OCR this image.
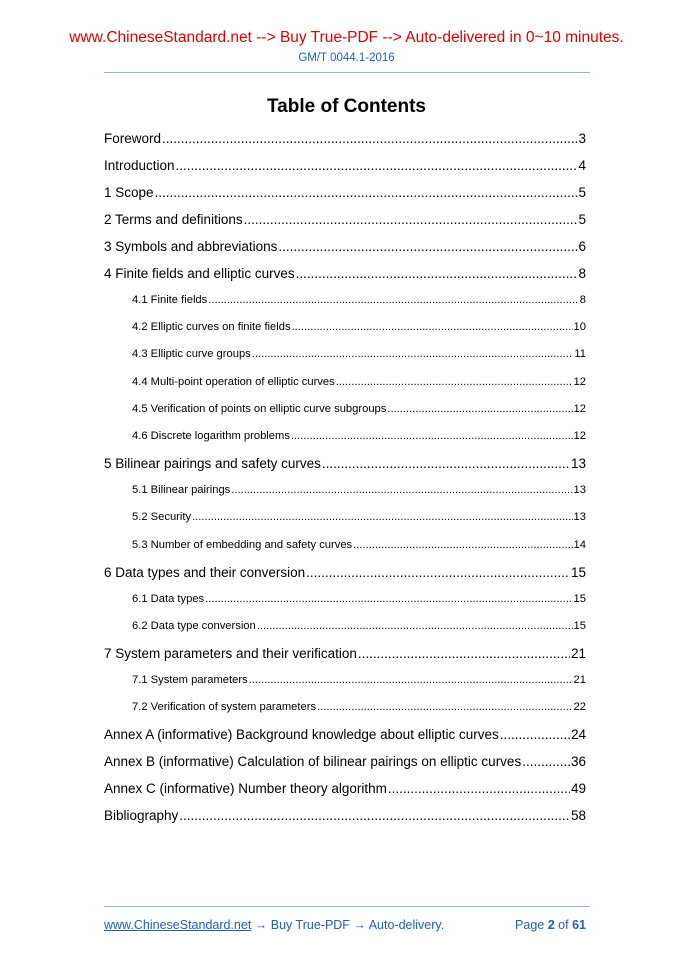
www.ChineseStandard.net --> Buy True-PDF --> Auto-delivered in 0~10 minutes.
GM/T 0044.1-2016
Table of Contents
Foreword .....	3
Introduction .....	4
1 Scope .....	5
2 Terms and definitions .....	5
3 Symbols and abbreviations .....	6
4 Finite fields and elliptic curves .....	8
4.1 Finite fields .....	8
4.2 Elliptic curves on finite fields .....	10
4.3 Elliptic curve groups .....	11
4.4 Multi-point operation of elliptic curves .....	12
4.5 Verification of points on elliptic curve subgroups .....	12
4.6 Discrete logarithm problems .....	12
5 Bilinear pairings and safety curves .....	13
5.1 Bilinear pairings .....	13
5.2 Security .....	13
5.3 Number of embedding and safety curves .....	14
6 Data types and their conversion .....	15
6.1 Data types .....	15
6.2 Data type conversion .....	15
7 System parameters and their verification .....	21
7.1 System parameters .....	21
7.2 Verification of system parameters .....	22
Annex A (informative) Background knowledge about elliptic curves .....	24
Annex B (informative) Calculation of bilinear pairings on elliptic curves .....	36
Annex C (informative) Number theory algorithm .....	49
Bibliography .....	58
www.ChineseStandard.net → Buy True-PDF → Auto-delivery.	Page 2 of 61
